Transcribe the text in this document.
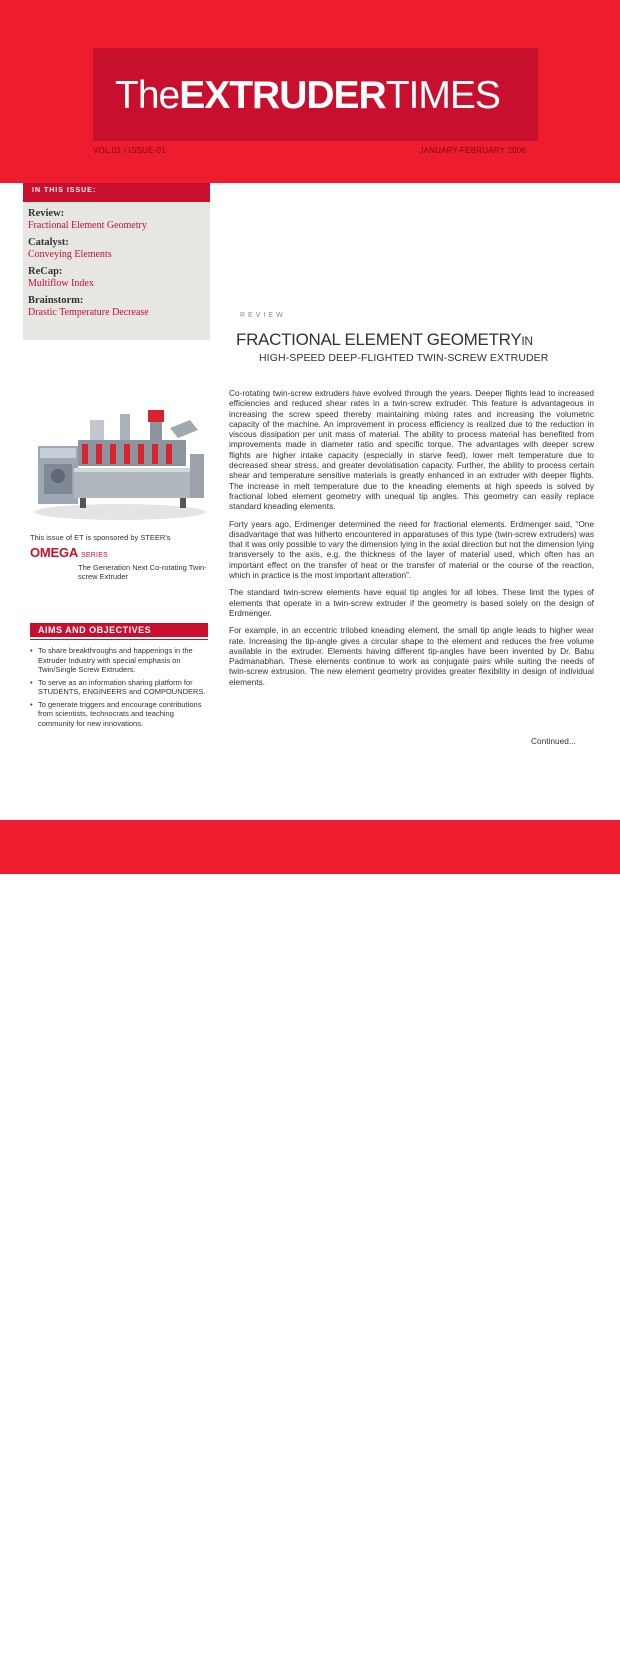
TheEXTRUDERTIMES
VOL.01 / ISSUE-01	JANUARY-FEBRUARY 2006
IN THIS ISSUE:
Review:
Fractional Element Geometry
Catalyst:
Conveying Elements
ReCap:
Multiflow Index
Brainstorm:
Drastic Temperature Decrease	REVIEW
FRACTIONAL ELEMENT GEOMETRYIN
HIGH-SPEED DEEP-FLIGHTED TWIN-SCREW EXTRUDER
This issue of ET is sponsored by STEER's
OMEGA SERIES
The Generation Next Co-rotating Twin-screw Extruder
AIMS AND OBJECTIVES
• To share breakthroughs and happenings in the Extruder Industry with special emphasis on Twin/Single Screw Extruders.
• To serve as an information sharing platform for STUDENTS, ENGINEERS and COMPOUNDERS.
• To generate triggers and encourage contributions from scientists, technocrats and teaching community for new innovations.

Co-rotating twin-screw extruders have evolved through the years. Deeper flights lead to increased efficiencies and reduced shear rates in a twin-screw extruder. This feature is advantageous in increasing the screw speed thereby maintaining mixing rates and increasing the volumetric capacity of the machine. An improvement in process efficiency is realized due to the reduction in viscous dissipation per unit mass of material. The ability to process material has benefited from improvements made in diameter ratio and specific torque. The advantages with deeper screw flights are higher intake capacity (especially in starve feed), lower melt temperature due to decreased shear stress, and greater devolatisation capacity. Further, the ability to process certain shear and temperature sensitive materials is greatly enhanced in an extruder with deeper flights. The increase in melt temperature due to the kneading elements at high speeds is solved by fractional lobed element geometry with unequal tip angles. This geometry can easily replace standard kneading elements.

Forty years ago, Erdmenger determined the need for fractional elements. Erdmenger said, “One disadvantage that was hitherto encountered in apparatuses of this type (twin-screw extruders) was that it was only possible to vary the dimension lying in the axial direction but not the dimension lying transversely to the axis, e.g. the thickness of the layer of material used, which often has an important effect on the transfer of heat or the transfer of material or the course of the reaction, which in practice is the most important alteration”.

The standard twin-screw elements have equal tip angles for all lobes. These limit the types of elements that operate in a twin-screw extruder if the geometry is based solely on the design of Erdmenger.

For example, in an eccentric trilobed kneading element, the small tip angle leads to higher wear rate. Increasing the tip-angle gives a circular shape to the element and reduces the free volume available in the extruder. Elements having different tip-angles have been invented by Dr. Babu Padmanabhan. These elements continue to work as conjugate pairs while suiting the needs of twin-screw extrusion. The new element geometry provides greater flexibility in design of individual elements.

Continued...
A special initiative of	STEER
CONSULTANCY SERVICES, INDIA
